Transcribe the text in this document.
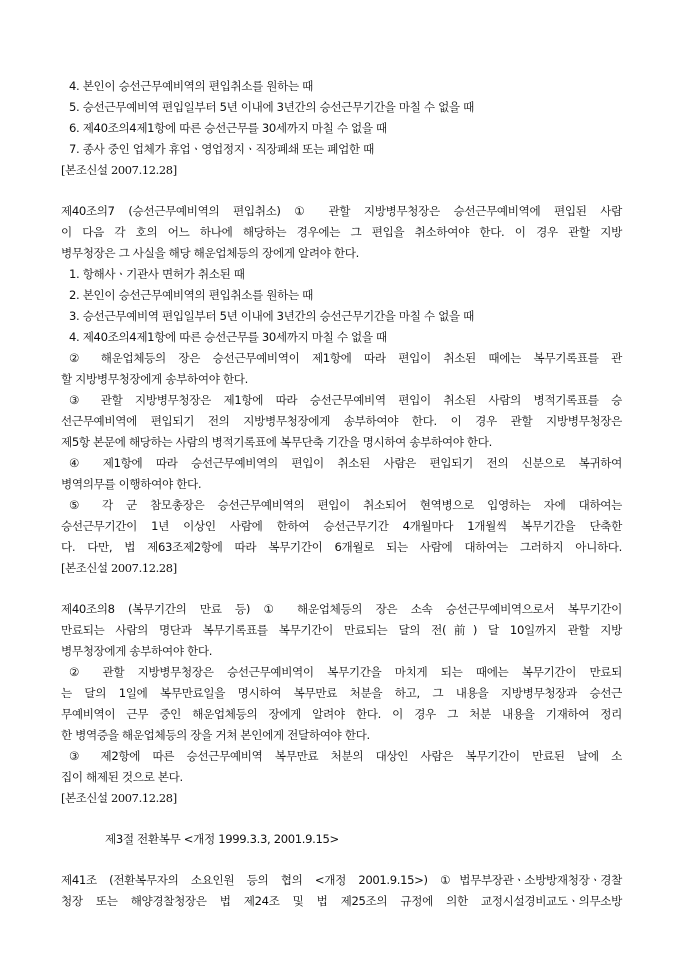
4. 본인이 승선근무예비역의 편입취소를 원하는 때
5. 승선근무예비역 편입일부터 5년 이내에 3년간의 승선근무기간을 마칠 수 없을 때
6. 제40조의4제1항에 따른 승선근무를 30세까지 마칠 수 없을 때
7. 종사 중인 업체가 휴업ㆍ영업정지ㆍ직장폐쇄 또는 폐업한 때
[본조신설 2007.12.28]
제40조의7 (승선근무예비역의 편입취소) ① 관할 지방병무청장은 승선근무예비역에 편입된 사람
이 다음 각 호의 어느 하나에 해당하는 경우에는 그 편입을 취소하여야 한다. 이 경우 관할 지방
병무청장은 그 사실을 해당 해운업체등의 장에게 알려야 한다.
1. 항해사ㆍ기관사 면허가 취소된 때
2. 본인이 승선근무예비역의 편입취소를 원하는 때
3. 승선근무예비역 편입일부터 5년 이내에 3년간의 승선근무기간을 마칠 수 없을 때
4. 제40조의4제1항에 따른 승선근무를 30세까지 마칠 수 없을 때
② 해운업체등의 장은 승선근무예비역이 제1항에 따라 편입이 취소된 때에는 복무기록표를 관
할 지방병무청장에게 송부하여야 한다.
③ 관할 지방병무청장은 제1항에 따라 승선근무예비역 편입이 취소된 사람의 병적기록표를 승
선근무예비역에 편입되기 전의 지방병무청장에게 송부하여야 한다. 이 경우 관할 지방병무청장은
제5항 본문에 해당하는 사람의 병적기록표에 복무단축 기간을 명시하여 송부하여야 한다.
④ 제1항에 따라 승선근무예비역의 편입이 취소된 사람은 편입되기 전의 신분으로 복귀하여
병역의무를 이행하여야 한다.
⑤ 각 군 참모총장은 승선근무예비역의 편입이 취소되어 현역병으로 입영하는 자에 대하여는
승선근무기간이 1년 이상인 사람에 한하여 승선근무기간 4개월마다 1개월씩 복무기간을 단축한
다. 다만, 법 제63조제2항에 따라 복무기간이 6개월로 되는 사람에 대하여는 그러하지 아니하다.
[본조신설 2007.12.28]
제40조의8 (복무기간의 만료 등) ① 해운업체등의 장은 소속 승선근무예비역으로서 복무기간이
만료되는 사람의 명단과 복무기록표를 복무기간이 만료되는 달의 전(前) 달 10일까지 관할 지방
병무청장에게 송부하여야 한다.
② 관할 지방병무청장은 승선근무예비역이 복무기간을 마치게 되는 때에는 복무기간이 만료되
는 달의 1일에 복무만료일을 명시하여 복무만료 처분을 하고, 그 내용을 지방병무청장과 승선근
무예비역이 근무 중인 해운업체등의 장에게 알려야 한다. 이 경우 그 처분 내용을 기재하여 정리
한 병역증을 해운업체등의 장을 거쳐 본인에게 전달하여야 한다.
③ 제2항에 따른 승선근무예비역 복무만료 처분의 대상인 사람은 복무기간이 만료된 날에 소
집이 해제된 것으로 본다.
[본조신설 2007.12.28]
제3절 전환복무 <개정 1999.3.3, 2001.9.15>
제41조 (전환복무자의 소요인원 등의 협의 <개정 2001.9.15>) ①법무부장관ㆍ소방방재청장ㆍ경찰
청장 또는 해양경찰청장은 법 제24조 및 법 제25조의 규정에 의한 교정시설경비교도ㆍ의무소방
